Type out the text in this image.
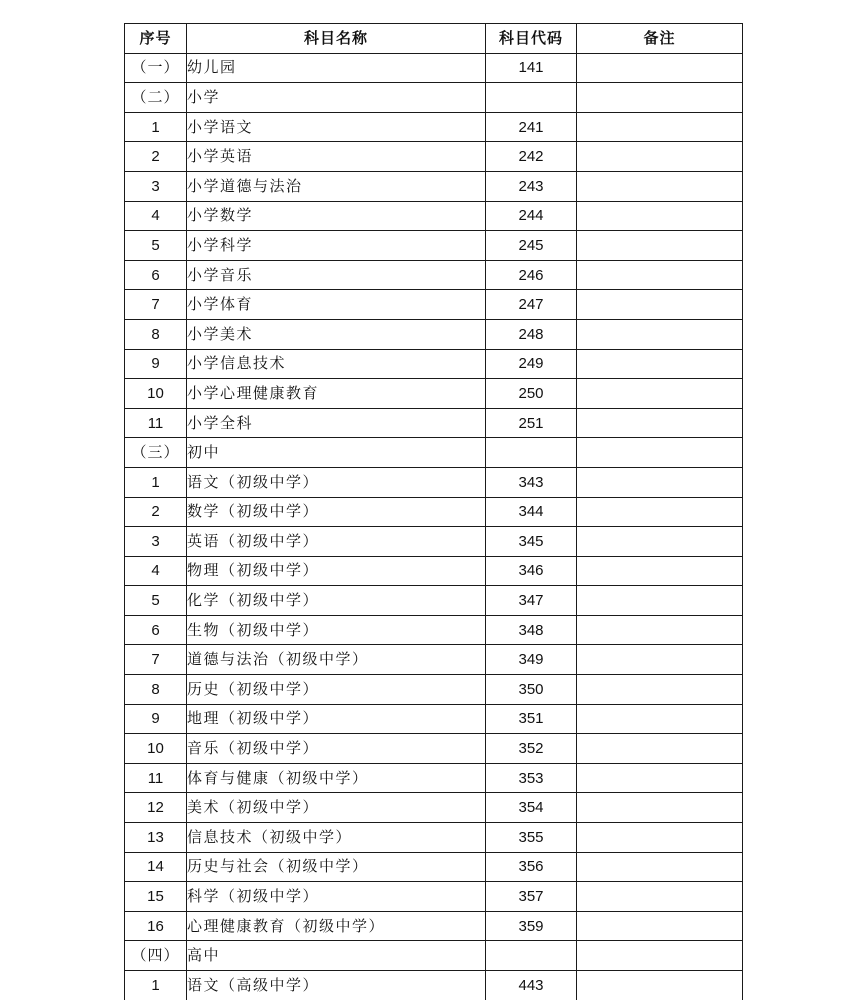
序号	科目名称	科目代码	备注
（一）	幼儿园	141	
（二）	小学		
1	小学语文	241	
2	小学英语	242	
3	小学道德与法治	243	
4	小学数学	244	
5	小学科学	245	
6	小学音乐	246	
7	小学体育	247	
8	小学美术	248	
9	小学信息技术	249	
10	小学心理健康教育	250	
11	小学全科	251	
（三）	初中		
1	语文（初级中学）	343	
2	数学（初级中学）	344	
3	英语（初级中学）	345	
4	物理（初级中学）	346	
5	化学（初级中学）	347	
6	生物（初级中学）	348	
7	道德与法治（初级中学）	349	
8	历史（初级中学）	350	
9	地理（初级中学）	351	
10	音乐（初级中学）	352	
11	体育与健康（初级中学）	353	
12	美术（初级中学）	354	
13	信息技术（初级中学）	355	
14	历史与社会（初级中学）	356	
15	科学（初级中学）	357	
16	心理健康教育（初级中学）	359	
（四）	高中		
1	语文（高级中学）	443	
